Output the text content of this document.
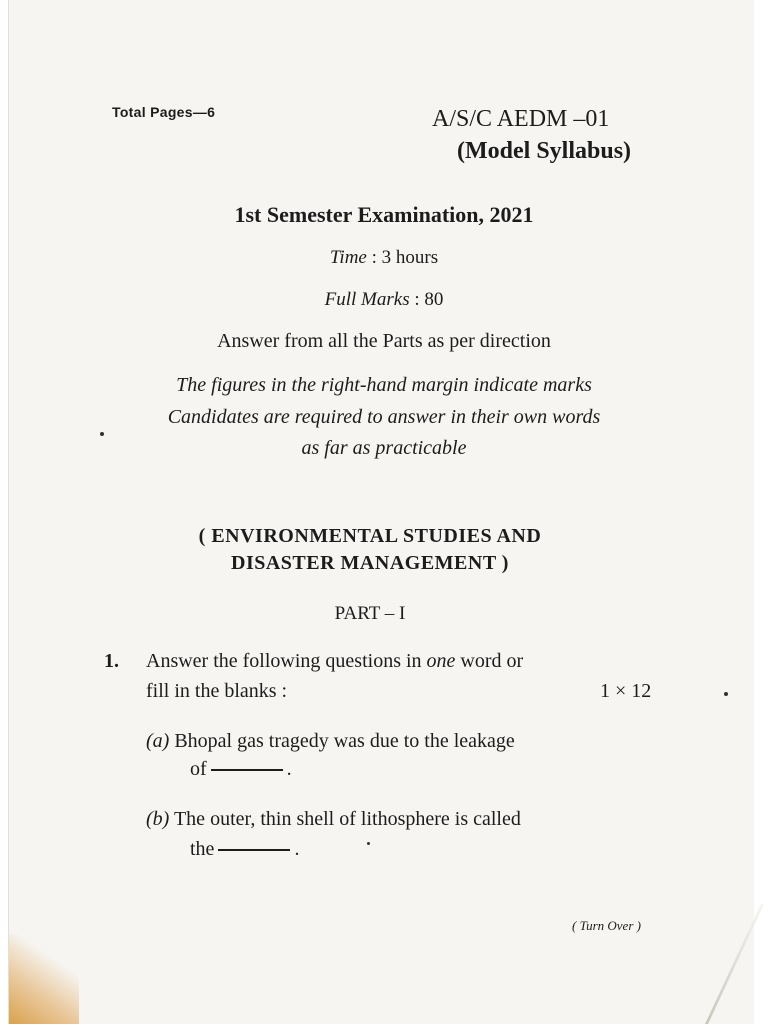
Total Pages—6	A/S/C AEDM –01
(Model Syllabus)
1st Semester Examination, 2021
Time : 3 hours
Full Marks : 80
Answer from all the Parts as per direction
The figures in the right-hand margin indicate marks
Candidates are required to answer in their own words
as far as practicable
( ENVIRONMENTAL STUDIES AND
DISASTER MANAGEMENT )
PART – I
1. Answer the following questions in one word or
fill in the blanks :	1 × 12
(a) Bhopal gas tragedy was due to the leakage
of	.
(b) The outer, thin shell of lithosphere is called
the	.
( Turn Over )
